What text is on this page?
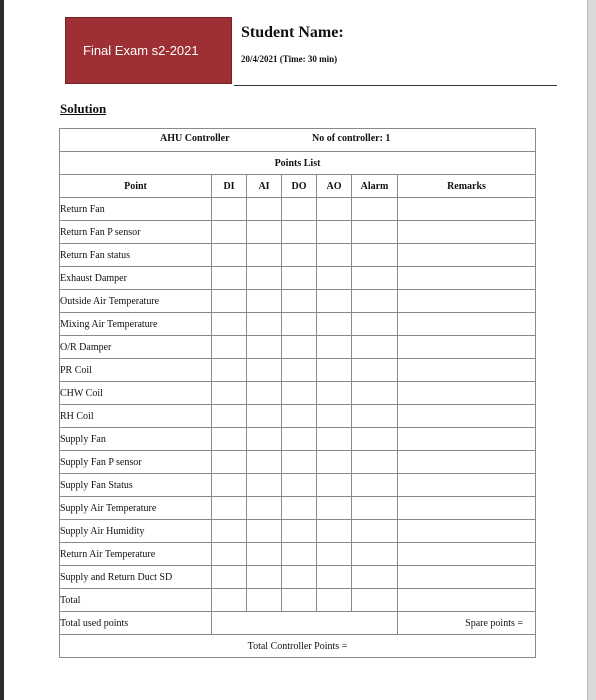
Final Exam s2-2021
Student Name:
20/4/2021 (Time: 30 min)
Solution
AHU Controller No of controller: 1						

Points List						
Point	DI	AI	DO	AO	Alarm	Remarks
Return Fan						
Return Fan P sensor						
Return Fan status						
Exhaust Damper						
Outside Air Temperature						
Mixing Air Temperature						
O/R Damper						
PR Coil						
CHW Coil						
RH Coil						
Supply Fan						
Supply Fan P sensor						
Supply Fan Status						
Supply Air Temperature						
Supply Air Humidity						
Return Air Temperature						
Supply and Return Duct SD						
Total						
Total used points						Spare points =
Total Controller Points =						
